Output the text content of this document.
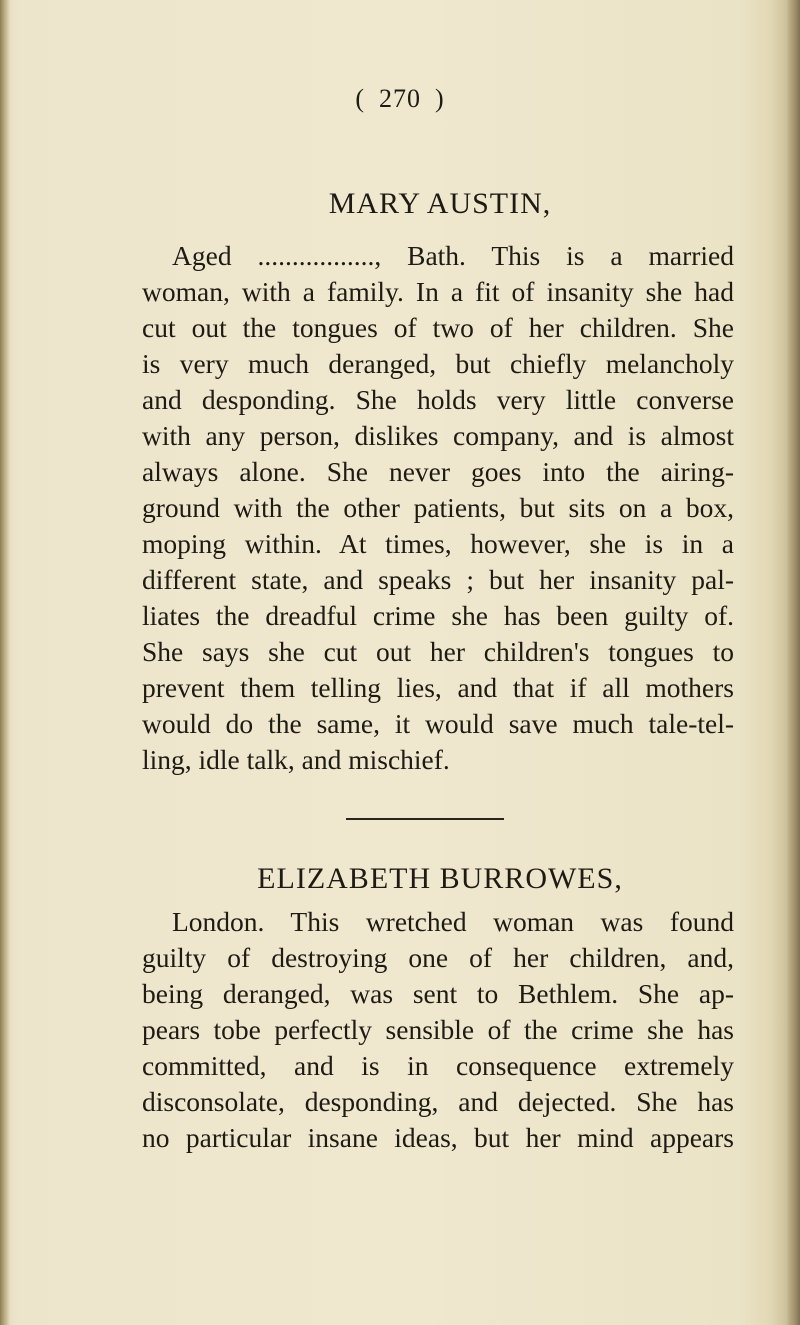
( 270 )
MARY AUSTIN,
Aged ................., Bath. This is a married
woman, with a family. In a fit of insanity she had
cut out the tongues of two of her children. She
is very much deranged, but chiefly melancholy
and desponding. She holds very little converse
with any person, dislikes company, and is almost
always alone. She never goes into the airing-
ground with the other patients, but sits on a box,
moping within. At times, however, she is in a
different state, and speaks ; but her insanity pal-
liates the dreadful crime she has been guilty of.
She says she cut out her children's tongues to
prevent them telling lies, and that if all mothers
would do the same, it would save much tale-tel-
ling, idle talk, and mischief.
ELIZABETH BURROWES,
London. This wretched woman was found
guilty of destroying one of her children, and,
being deranged, was sent to Bethlem. She ap-
pears tobe perfectly sensible of the crime she has
committed, and is in consequence extremely
disconsolate, desponding, and dejected. She has
no particular insane ideas, but her mind appears
